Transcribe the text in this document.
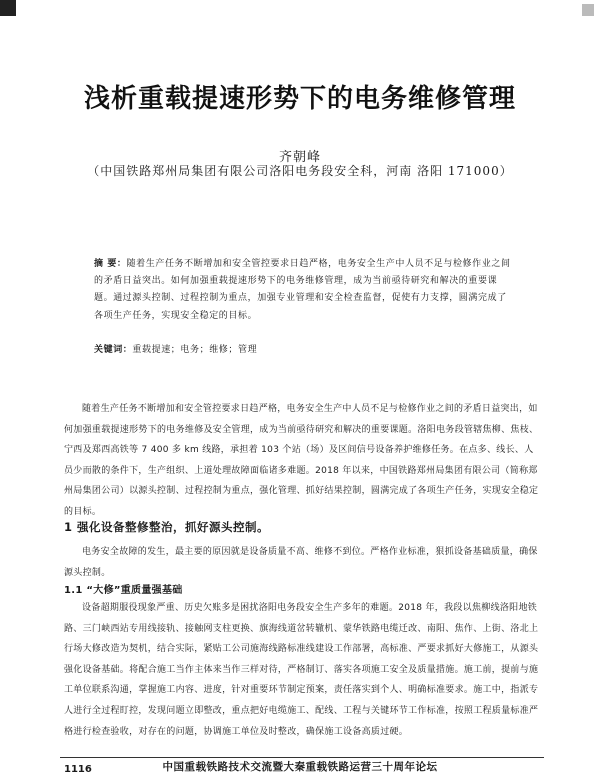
浅析重载提速形势下的电务维修管理
齐朝峰
（中国铁路郑州局集团有限公司洛阳电务段安全科，河南 洛阳 171000）
摘 要：随着生产任务不断增加和安全管控要求日趋严格，电务安全生产中人员不足与检修作业之间的矛盾日益突出。如何加强重载提速形势下的电务维修管理，成为当前亟待研究和解决的重要课题。通过源头控制、过程控制为重点，加强专业管理和安全检查监督，促使有力支撑，圆满完成了各项生产任务，实现安全稳定的目标。
关键词：重载提速；电务；维修；管理

随着生产任务不断增加和安全管控要求日趋严格，电务安全生产中人员不足与检修作业之间的矛盾日益突出，如何加强重载提速形势下的电务维修及安全管理，成为当前亟待研究和解决的重要课题。洛阳电务段管辖焦柳、焦枝、宁西及郑西高铁等 7 400 多 km 线路，承担着 103 个站（场）及区间信号设备养护维修任务。在点多、线长、人员少而散的条件下，生产组织、上道处理故障面临诸多难题。2018 年以来，中国铁路郑州局集团有限公司（简称郑州局集团公司）以源头控制、过程控制为重点，强化管理、抓好结果控制，圆满完成了各项生产任务，实现安全稳定的目标。

1 强化设备整修整治，抓好源头控制。

电务安全故障的发生，最主要的原因就是设备质量不高、维修不到位。严格作业标准，狠抓设备基础质量，确保源头控制。

1.1 “大修”重质量强基础

设备超期服役现象严重、历史欠账多是困扰洛阳电务段安全生产多年的难题。2018 年，我段以焦柳线洛阳地铁路、三门峡西站专用线接轨、接触网支柱更换、旗海线道岔转辙机、蒙华铁路电缆迁改、南阳、焦作、上街、洛北上行场大修改造为契机，结合实际，紧贴工公司施海线路标准线建设工作部署，高标准、严要求抓好大修施工，从源头强化设备基础。将配合施工当作主体来当作三样对待，严格制订、落实各项施工安全及质量措施。施工前，提前与施工单位联系沟通，掌握施工内容、进度，针对重要环节制定预案，责任落实到个人、明确标准要求。施工中，指派专人进行全过程盯控，发现问题立即整改，重点把好电缆施工、配线、工程与关键环节工作标准，按照工程质量标准严格进行检查验收，对存在的问题，协调施工单位及时整改，确保施工设备高质过硬。

1116	中国重载铁路技术交流暨大秦重载铁路运营三十周年论坛
